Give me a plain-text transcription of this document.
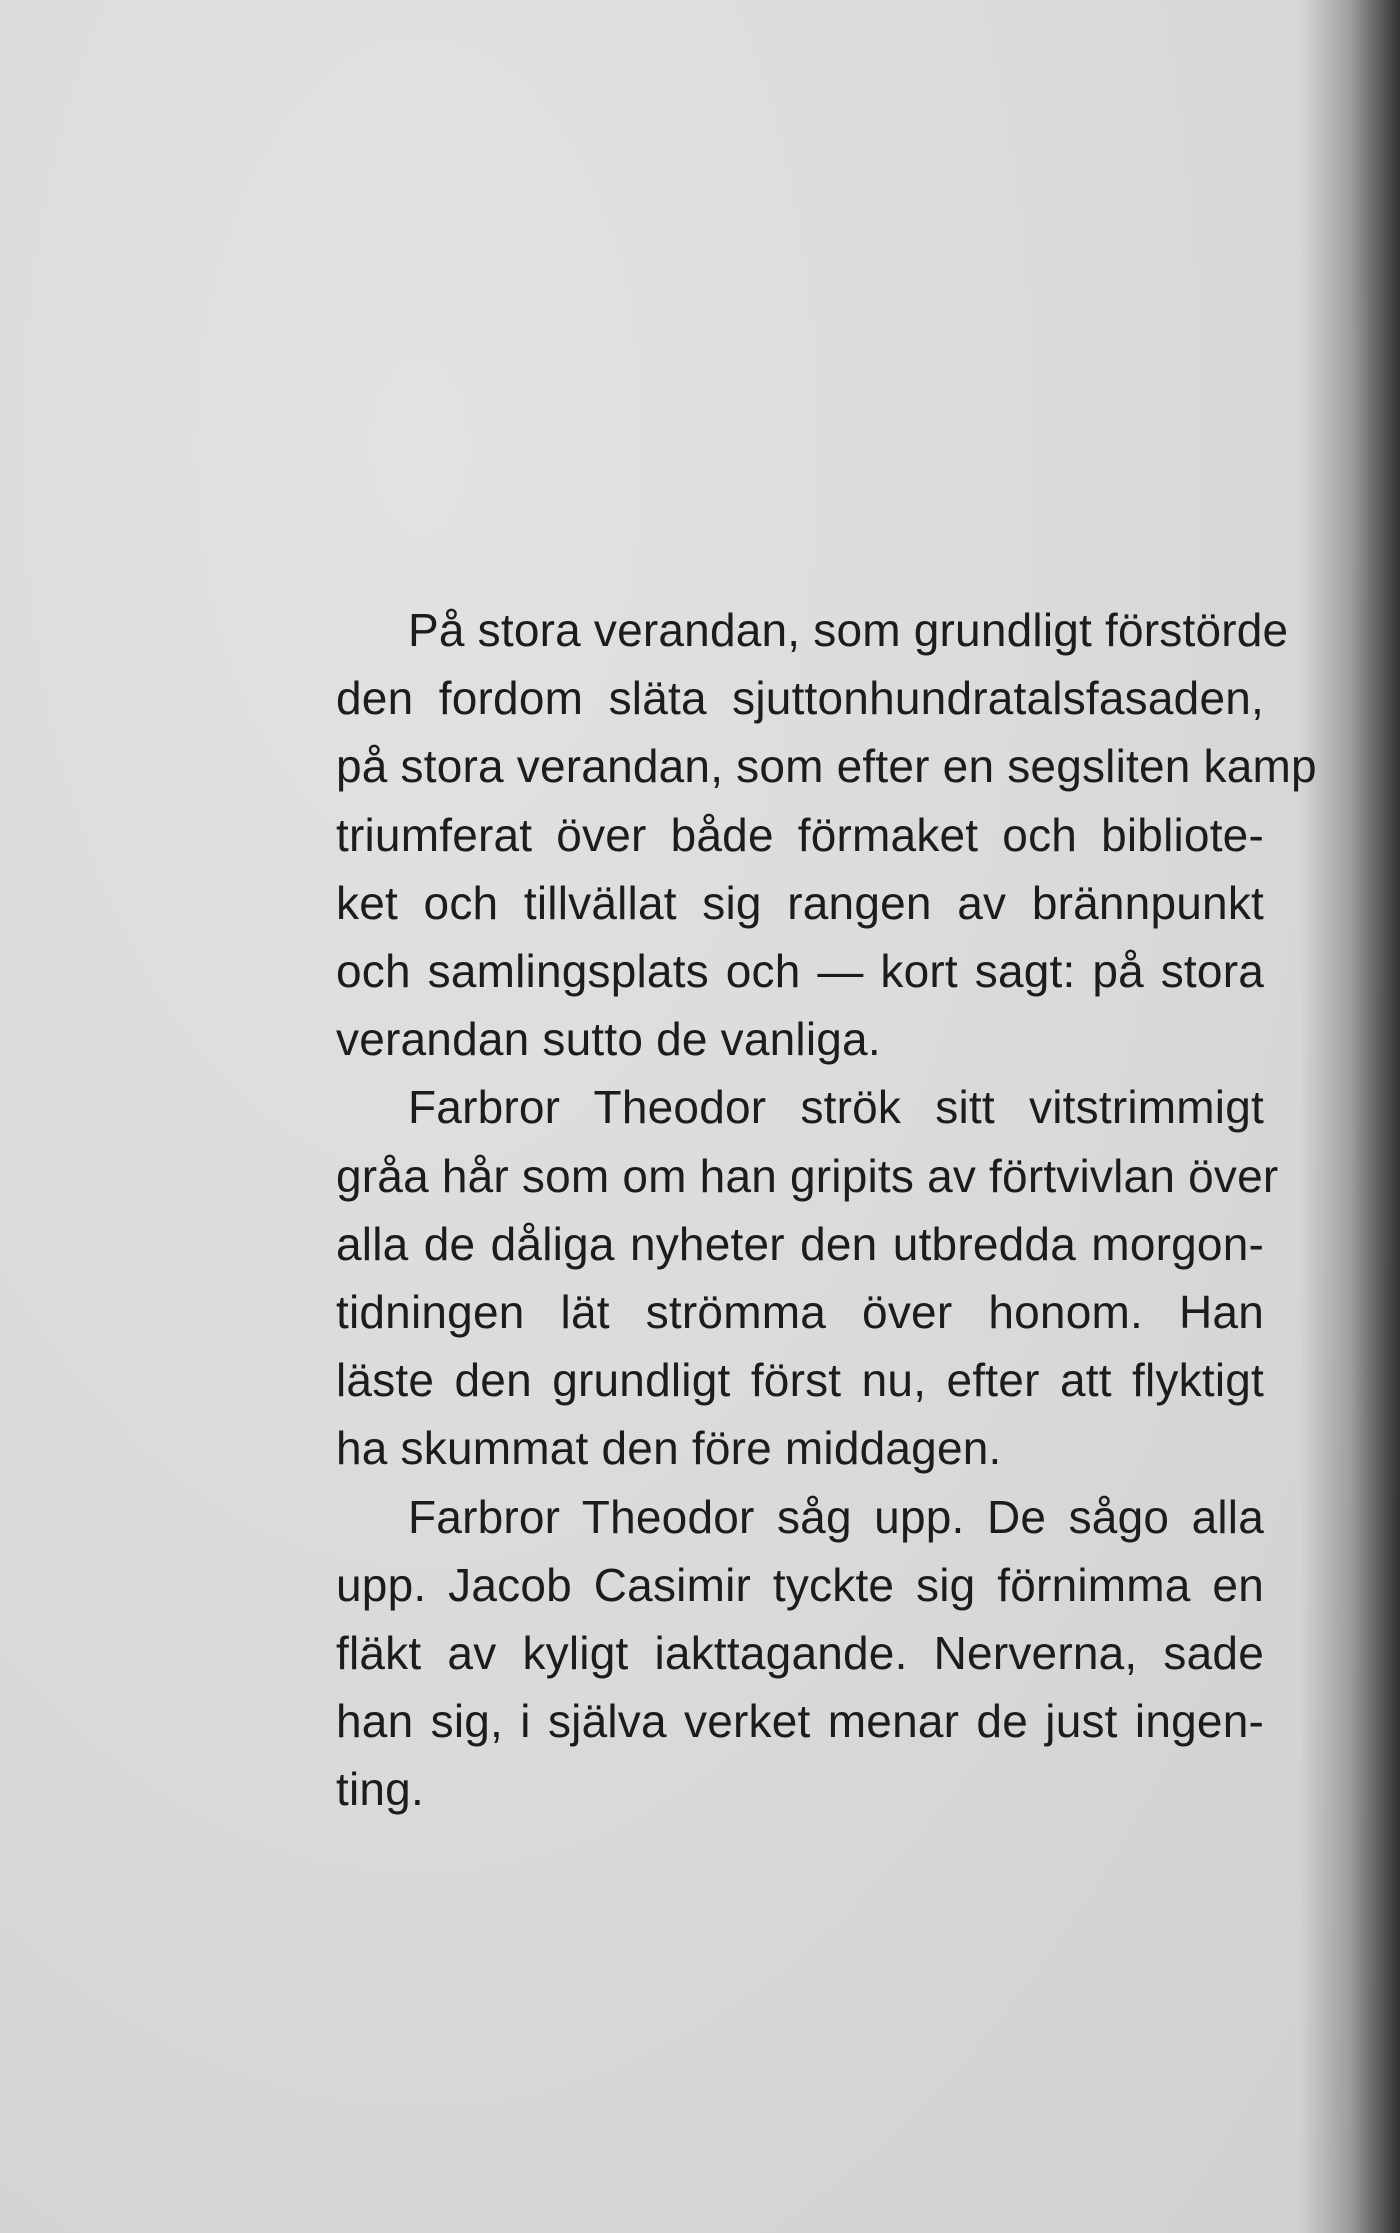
På stora verandan, som grundligt förstörde
den fordom släta sjuttonhundratalsfasaden,
på stora verandan, som efter en segsliten kamp
triumferat över både förmaket och bibliote-
ket och tillvällat sig rangen av brännpunkt
och samlingsplats och — kort sagt: på stora
verandan sutto de vanliga.

Farbror Theodor strök sitt vitstrimmigt
gråa hår som om han gripits av förtvivlan över
alla de dåliga nyheter den utbredda morgon-
tidningen lät strömma över honom. Han
läste den grundligt först nu, efter att flyktigt
ha skummat den före middagen.

Farbror Theodor såg upp. De sågo alla
upp. Jacob Casimir tyckte sig förnimma en
fläkt av kyligt iakttagande. Nerverna, sade
han sig, i själva verket menar de just ingen-
ting.
